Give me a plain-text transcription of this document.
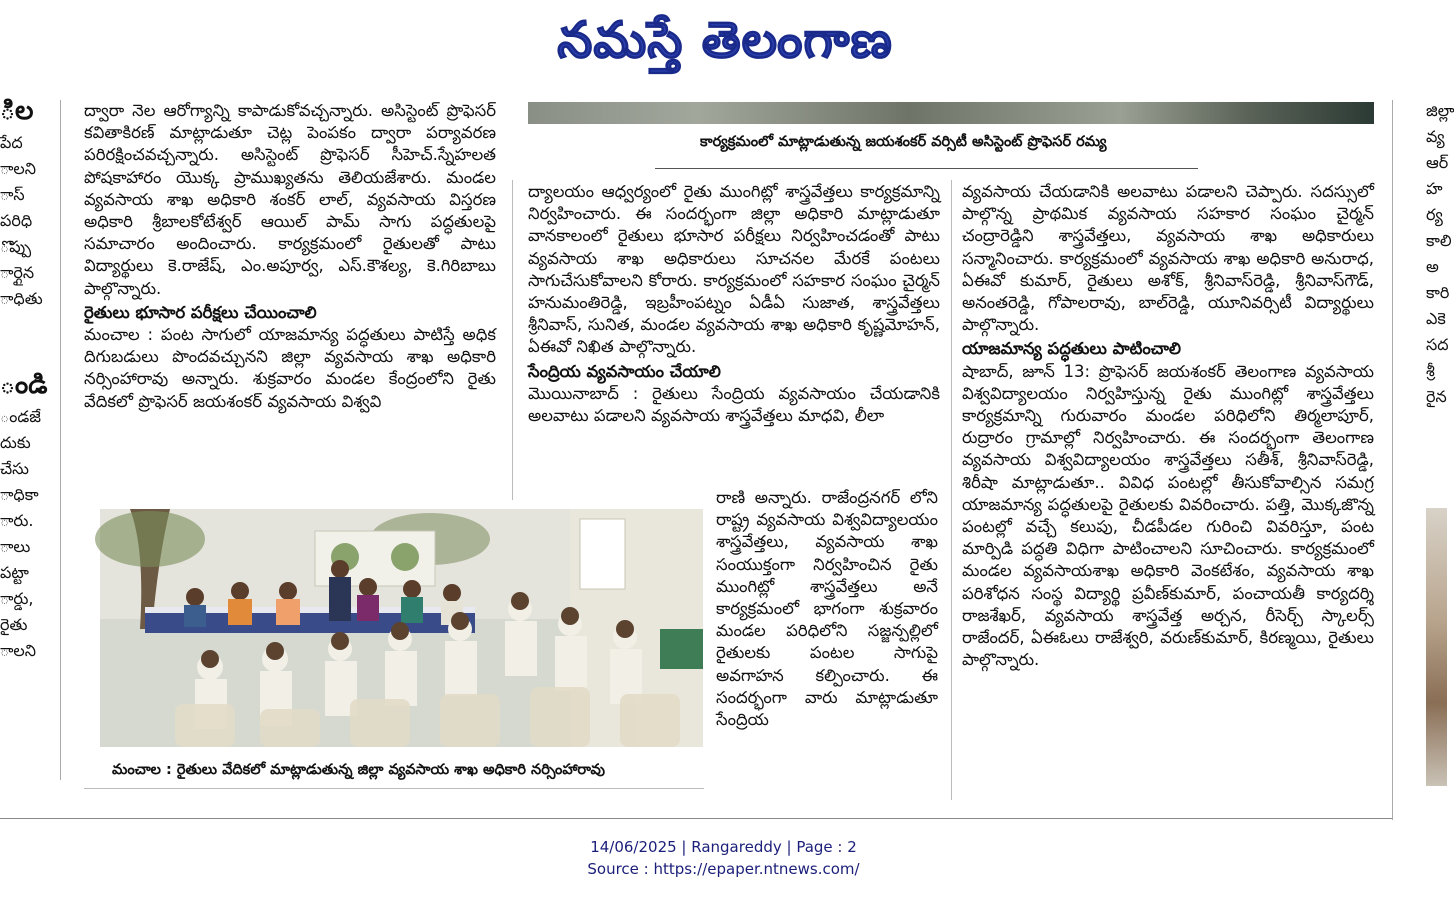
నమస్తే తెలంగాణ
ిల
పేద
ాలని
ాస్
పరిధి
ొప్పు
ార్గైన
ాధితు
ండి
ండజే
దుకు
చేసు
ాధికా
ారు.
ాలు
పట్టా
ార్డు,
రైతు
ాలని
జిల్లా
వ్య
ఆర్
హ
ర్య
కాలి
అ
కారి
ఎకె
సద
శ్రీ
రైన
కార్యక్రమంలో మాట్లాడుతున్న జయశంకర్ వర్సిటీ అసిస్టెంట్ ప్రొఫెసర్ రమ్య

ద్వారా నెల ఆరోగ్యాన్ని కాపాడుకోవచ్చన్నారు. అసిస్టెంట్ ప్రొఫెసర్ కవితాకిరణ్ మాట్లాడుతూ చెట్ల పెంపకం ద్వారా పర్యావరణ పరిరక్షించవచ్చన్నారు. అసిస్టెంట్ ప్రొఫెసర్ సీహెచ్.స్నేహలత పోషకాహారం యొక్క ప్రాముఖ్యతను తెలియజేశారు. మండల వ్యవసాయ శాఖ అధికారి శంకర్ లాల్, వ్యవసాయ విస్తరణ అధికారి శ్రీబాలకోటేశ్వర్ ఆయిల్ పామ్ సాగు పద్ధతులపై సమాచారం అందించారు. కార్యక్రమంలో రైతులతో పాటు విద్యార్థులు కె.రాజేష్, ఎం.అపూర్వ, ఎస్.కౌశల్య, కె.గిరిబాబు పాల్గొన్నారు.

రైతులు భూసార పరీక్షలు చేయించాలి

మంచాల : పంట సాగులో యాజమాన్య పద్ధతులు పాటిస్తే అధిక దిగుబడులు పొందవచ్చునని జిల్లా వ్యవసాయ శాఖ అధికారి నర్సింహారావు అన్నారు. శుక్రవారం మండల కేంద్రంలోని రైతు వేదికలో ప్రొఫెసర్ జయశంకర్ వ్యవసాయ విశ్వవి

ద్యాలయం ఆధ్వర్యంలో రైతు ముంగిట్లో శాస్త్రవేత్తలు కార్యక్రమాన్ని నిర్వహించారు. ఈ సందర్భంగా జిల్లా అధికారి మాట్లాడుతూ వానకాలంలో రైతులు భూసార పరీక్షలు నిర్వహించడంతో పాటు వ్యవసాయ శాఖ అధికారులు సూచనల మేరకే పంటలు సాగుచేసుకోవాలని కోరారు. కార్యక్రమంలో సహకార సంఘం చైర్మన్ హనుమంతిరెడ్డి, ఇబ్రహీంపట్నం ఏడీఏ సుజాత, శాస్త్రవేత్తలు శ్రీనివాస్, సునిత, మండల వ్యవసాయ శాఖ అధికారి కృష్ణమోహన్, ఏఈవో నిఖిత పాల్గొన్నారు.

సేంద్రియ వ్యవసాయం చేయాలి

మొయినాబాద్ : రైతులు సేంద్రియ వ్యవసాయం చేయడానికి అలవాటు పడాలని వ్యవసాయ శాస్త్రవేత్తలు మాధవి, లీలా

రాణి అన్నారు. రాజేంద్రనగర్ లోని రాష్ట్ర వ్యవసాయ విశ్వవిద్యాలయం శాస్త్రవేత్తలు, వ్యవసాయ శాఖ సంయుక్తంగా నిర్వహించిన రైతు ముంగిట్లో శాస్త్రవేత్తలు అనే కార్యక్రమంలో భాగంగా శుక్రవారం మండల పరిధిలోని సజ్జన్పల్లిలో రైతులకు పంటల సాగుపై అవగాహన కల్పించారు. ఈ సందర్భంగా వారు మాట్లాడుతూ సేంద్రియ

వ్యవసాయ చేయడానికి అలవాటు పడాలని చెప్పారు. సదస్సులో పాల్గొన్న ప్రాథమిక వ్యవసాయ సహకార సంఘం చైర్మన్ చంద్రారెడ్డిని శాస్త్రవేత్తలు, వ్యవసాయ శాఖ అధికారులు సన్మానించారు. కార్యక్రమంలో వ్యవసాయ శాఖ అధికారి అనురాధ, ఏఈవో కుమార్, రైతులు అశోక్, శ్రీనివాస్‌రెడ్డి, శ్రీనివాస్‌గౌడ్, అనంతరెడ్డి, గోపాలరావు, బాల్‌రెడ్డి, యూనివర్సిటీ విద్యార్థులు పాల్గొన్నారు.

యాజమాన్య పద్ధతులు పాటించాలి

షాబాద్, జూన్ 13: ప్రొఫెసర్ జయశంకర్ తెలంగాణ వ్యవసాయ విశ్వవిద్యాలయం నిర్వహిస్తున్న రైతు ముంగిట్లో శాస్త్రవేత్తలు కార్యక్రమాన్ని గురువారం మండల పరిధిలోని తిర్మలాపూర్, రుద్రారం గ్రామాల్లో నిర్వహించారు. ఈ సందర్భంగా తెలంగాణ వ్యవసాయ విశ్వవిద్యాలయం శాస్త్రవేత్తలు సతీశ్, శ్రీనివాస్‌రెడ్డి, శిరీషా మాట్లాడుతూ.. వివిధ పంటల్లో తీసుకోవాల్సిన సమగ్ర యాజమాన్య పద్ధతులపై రైతులకు వివరించారు. పత్తి, మొక్కజొన్న పంటల్లో వచ్చే కలుపు, చీడపీడల గురించి వివరిస్తూ, పంట మార్పిడి పద్ధతి విధిగా పాటించాలని సూచించారు. కార్యక్రమంలో మండల వ్యవసాయశాఖ అధికారి వెంకటేశం, వ్యవసాయ శాఖ పరిశోధన సంస్థ విద్యార్థి ప్రవీణ్‌కుమార్, పంచాయతీ కార్యదర్శి రాజశేఖర్, వ్యవసాయ శాస్త్రవేత్త అర్చన, రీసెర్చ్ స్కాలర్స్ రాజేందర్, ఏఈఓలు రాజేశ్వరి, వరుణ్‌కుమార్, కిరణ్మయి, రైతులు పాల్గొన్నారు.

మంచాల : రైతులు వేదికలో మాట్లాడుతున్న జిల్లా వ్యవసాయ శాఖ అధికారి నర్సింహారావు
14/06/2025 | Rangareddy | Page : 2
Source : https://epaper.ntnews.com/
